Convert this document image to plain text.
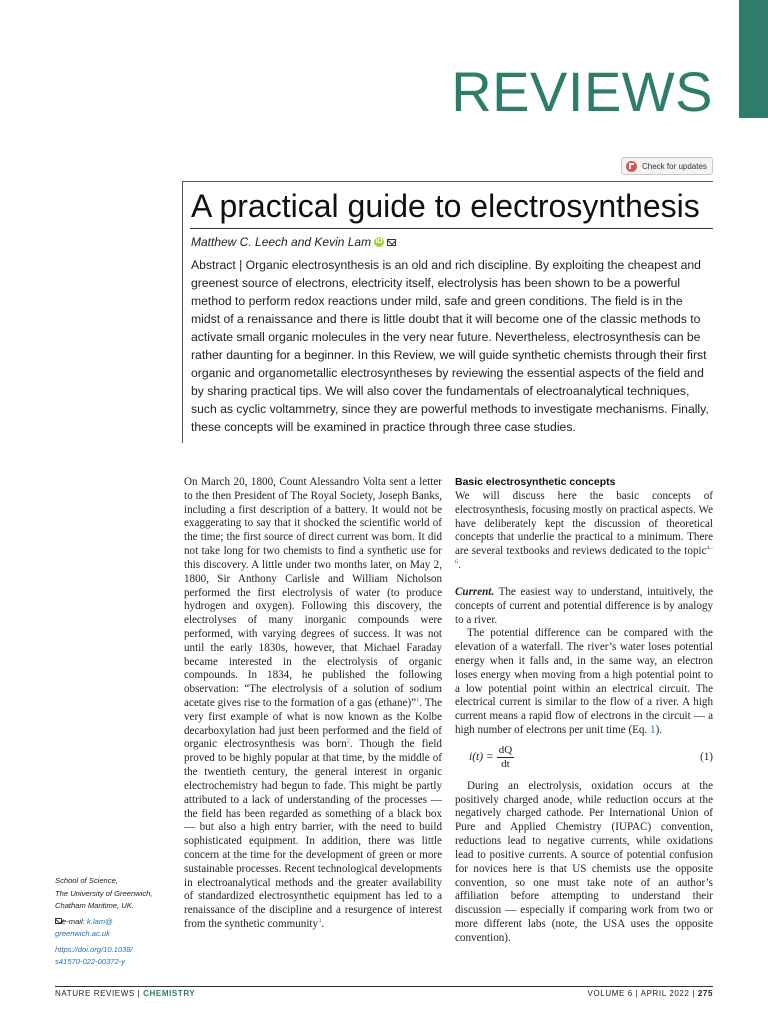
REVIEWS
Check for updates
A practical guide to electrosynthesis
Matthew C. Leech and Kevin Lam iD

Abstract | Organic electrosynthesis is an old and rich discipline. By exploiting the cheapest and greenest source of electrons, electricity itself, electrolysis has been shown to be a powerful method to perform redox reactions under mild, safe and green conditions. The field is in the midst of a renaissance and there is little doubt that it will become one of the classic methods to activate small organic molecules in the very near future. Nevertheless, electrosynthesis can be rather daunting for a beginner. In this Review, we will guide synthetic chemists through their first organic and organometallic electrosyntheses by reviewing the essential aspects of the field and by sharing practical tips. We will also cover the fundamentals of electroanalytical techniques, such as cyclic voltammetry, since they are powerful methods to investigate mechanisms. Finally, these concepts will be examined in practice through three case studies.

On March 20, 1800, Count Alessandro Volta sent a letter to the then President of The Royal Society, Joseph Banks, including a first description of a battery. It would not be exaggerating to say that it shocked the scientific world of the time; the first source of direct current was born. It did not take long for two chemists to find a synthetic use for this discovery. A little under two months later, on May 2, 1800, Sir Anthony Carlisle and William Nicholson performed the first electrolysis of water (to produce hydrogen and oxygen). Following this discovery, the electrolyses of many inorganic compounds were performed, with varying degrees of success. It was not until the early 1830s, however, that Michael Faraday became interested in the electrolysis of organic compounds. In 1834, he published the following observation: “The electrolysis of a solution of sodium acetate gives rise to the formation of a gas (ethane)”$^1$. The very first example of what is now known as the Kolbe decarboxylation had just been performed and the field of organic electrosynthesis was born$^2$. Though the field proved to be highly popular at that time, by the middle of the twentieth century, the general interest in organic electrochemistry had begun to fade. This might be partly attributed to a lack of understanding of the processes — the field has been regarded as something of a black box — but also a high entry barrier, with the need to build sophisticated equipment. In addition, there was little concern at the time for the development of green or more sustainable processes. Recent technological developments in electroanalytical methods and the greater availability of standardized electrosynthetic equipment has led to a renaissance of the discipline and a resurgence of interest from the synthetic community$^3$.

Basic electrosynthetic concepts

We will discuss here the basic concepts of electrosynthesis, focusing mostly on practical aspects. We have deliberately kept the discussion of theoretical concepts that underlie the practical to a minimum. There are several textbooks and reviews dedicated to the topic$^{4-6}$.

Current. The easiest way to understand, intuitively, the concepts of current and potential difference is by analogy to a river.

The potential difference can be compared with the elevation of a waterfall. The river’s water loses potential energy when it falls and, in the same way, an electron loses energy when moving from a high potential point to a low potential point within an electrical circuit. The electrical current is similar to the flow of a river. A high current means a rapid flow of electrons in the circuit — a high number of electrons per unit time (Eq. 1).

$i(t) = \frac{dQ}{dt}$	(1)

During an electrolysis, oxidation occurs at the positively charged anode, while reduction occurs at the negatively charged cathode. Per International Union of Pure and Applied Chemistry (IUPAC) convention, reductions lead to negative currents, while oxidations lead to positive currents. A source of potential confusion for novices here is that US chemists use the opposite convention, so one must take note of an author’s affiliation before attempting to understand their discussion — especially if comparing work from two or more different labs (note, the USA uses the opposite convention).

School of Science,
The University of Greenwich,
Chatham Maritime, UK.
e-mail: k.lam@
greenwich.ac.uk
https://doi.org/10.1038/
s41570-022-00372-y
NATURE REVIEWS | CHEMISTRY	VOLUME 6 | APRIL 2022 | 275
